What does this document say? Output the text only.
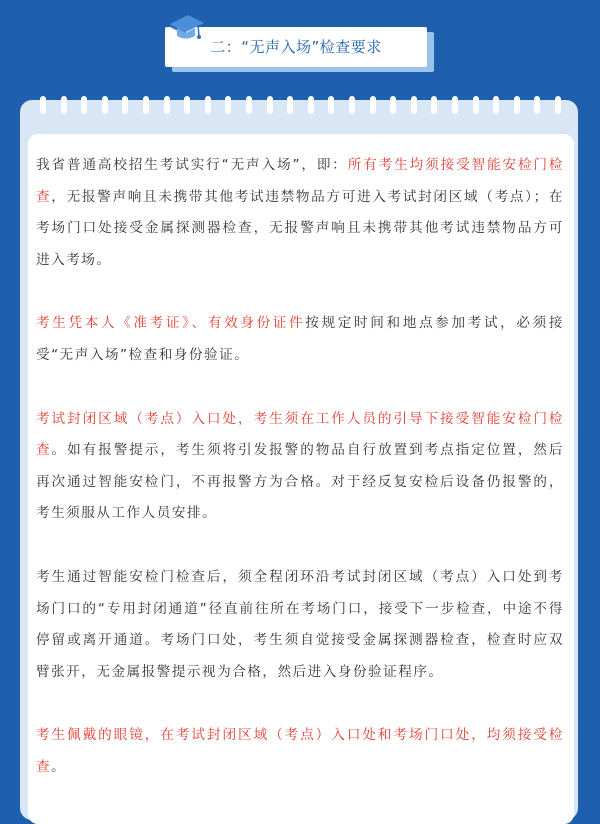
二：“无声入场”检查要求

我省普通高校招生考试实行“无声入场”，即：所有考生均须接受智能安检门检查，无报警声响且未携带其他考试违禁物品方可进入考试封闭区域（考点）；在考场门口处接受金属探测器检查，无报警声响且未携带其他考试违禁物品方可进入考场。

考生凭本人《准考证》、有效身份证件按规定时间和地点参加考试，必须接受“无声入场”检查和身份验证。

考试封闭区域（考点）入口处，考生须在工作人员的引导下接受智能安检门检查。如有报警提示，考生须将引发报警的物品自行放置到考点指定位置，然后再次通过智能安检门，不再报警方为合格。对于经反复安检后设备仍报警的，考生须服从工作人员安排。

考生通过智能安检门检查后，须全程闭环沿考试封闭区域（考点）入口处到考场门口的“专用封闭通道”径直前往所在考场门口，接受下一步检查，中途不得停留或离开通道。考场门口处，考生须自觉接受金属探测器检查，检查时应双臂张开，无金属报警提示视为合格，然后进入身份验证程序。

考生佩戴的眼镜，在考试封闭区域（考点）入口处和考场门口处，均须接受检查。
